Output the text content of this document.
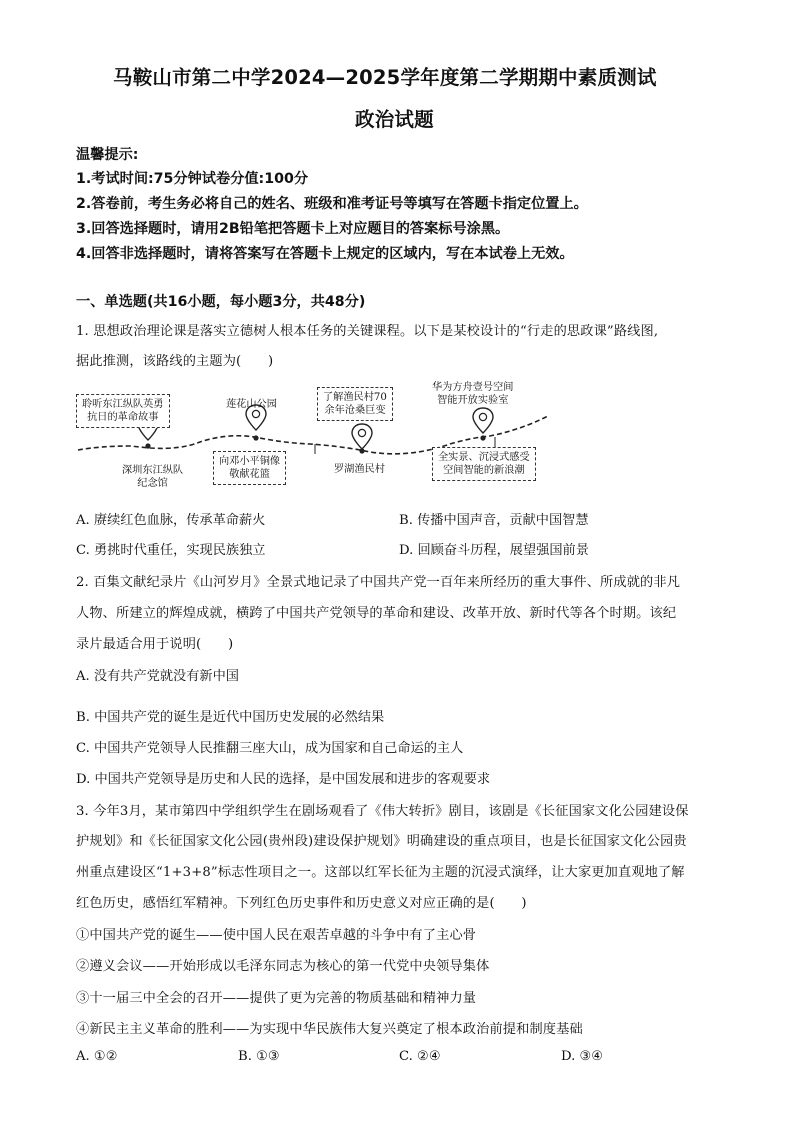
马鞍山市第二中学2024—2025学年度第二学期期中素质测试
政治试题
温馨提示:
1.考试时间:75分钟试卷分值:100分
2.答卷前，考生务必将自己的姓名、班级和准考证号等填写在答题卡指定位置上。
3.回答选择题时，请用2B铅笔把答题卡上对应题目的答案标号涂黑。
4.回答非选择题时，请将答案写在答题卡上规定的区域内，写在本试卷上无效。
一、单选题(共16小题，每小题3分，共48分)
1. 思想政治理论课是落实立德树人根本任务的关键课程。以下是某校设计的“行走的思政课”路线图,
据此推测，该路线的主题为(　　)
聆听东江纵队英勇
抗日的革命故事
深圳东江纵队
纪念馆
莲花山公园
向邓小平铜像
敬献花篮
了解渔民村70
余年沧桑巨变
罗湖渔民村
华为方舟壹号空间
智能开放实验室
全实景、沉浸式感受
空间智能的新浪潮
A. 赓续红色血脉，传承革命薪火	B. 传播中国声音，贡献中国智慧
C. 勇挑时代重任，实现民族独立	D. 回顾奋斗历程，展望强国前景
2. 百集文献纪录片《山河岁月》全景式地记录了中国共产党一百年来所经历的重大事件、所成就的非凡
人物、所建立的辉煌成就，横跨了中国共产党领导的革命和建设、改革开放、新时代等各个时期。该纪
录片最适合用于说明(　　)
A. 没有共产党就没有新中国
B. 中国共产党的诞生是近代中国历史发展的必然结果
C. 中国共产党领导人民推翻三座大山，成为国家和自己命运的主人
D. 中国共产党领导是历史和人民的选择，是中国发展和进步的客观要求
3. 今年3月，某市第四中学组织学生在剧场观看了《伟大转折》剧目，该剧是《长征国家文化公园建设保
护规划》和《长征国家文化公园(贵州段)建设保护规划》明确建设的重点项目，也是长征国家文化公园贵
州重点建设区“1+3+8”标志性项目之一。这部以红军长征为主题的沉浸式演绎，让大家更加直观地了解
红色历史，感悟红军精神。下列红色历史事件和历史意义对应正确的是(　　)
①中国共产党的诞生——使中国人民在艰苦卓越的斗争中有了主心骨
②遵义会议——开始形成以毛泽东同志为核心的第一代党中央领导集体
③十一届三中全会的召开——提供了更为完善的物质基础和精神力量
④新民主主义革命的胜利——为实现中华民族伟大复兴奠定了根本政治前提和制度基础
A. ①②	B. ①③	C. ②④	D. ③④
